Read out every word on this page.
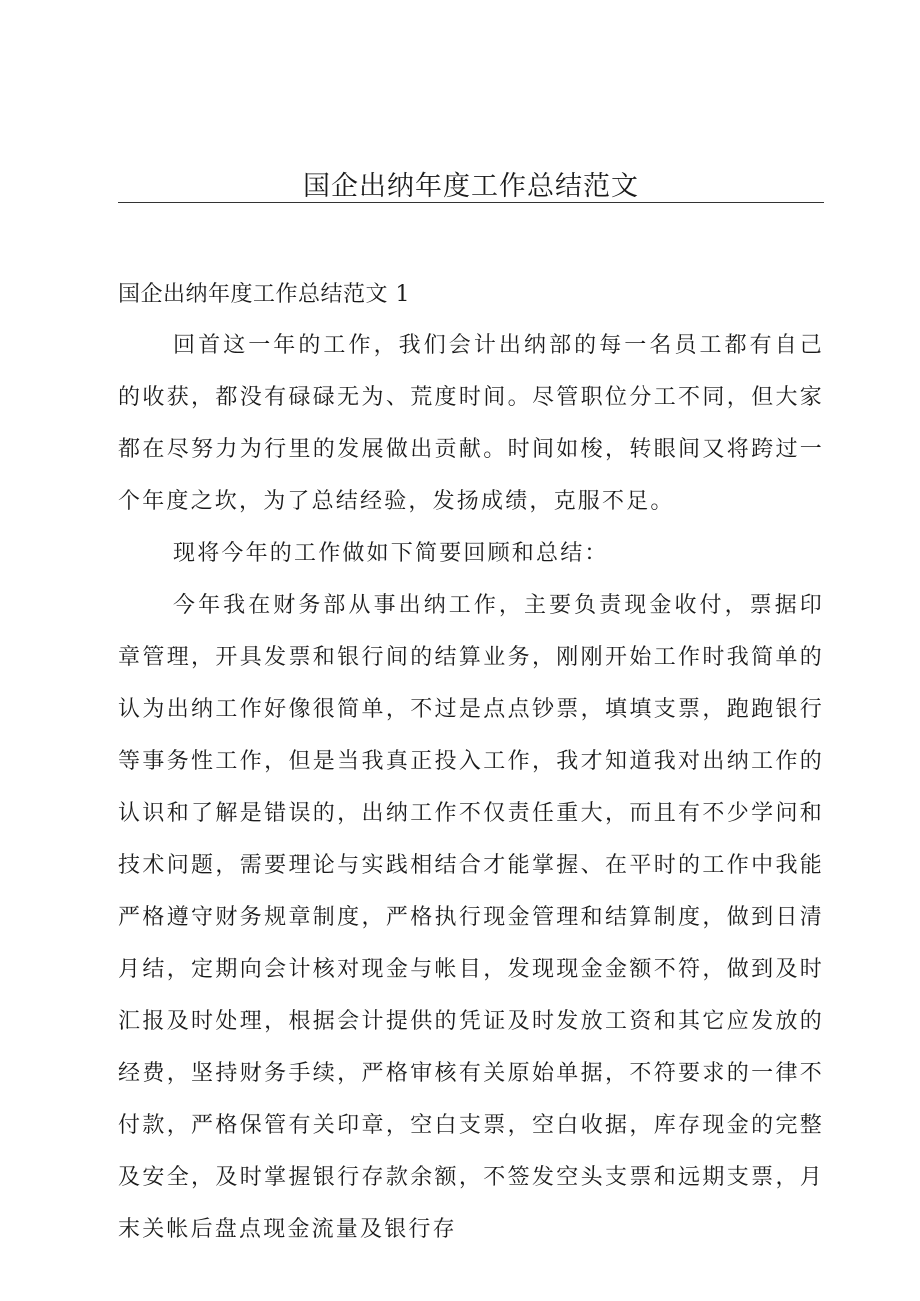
国企出纳年度工作总结范文
国企出纳年度工作总结范文 1

回首这一年的工作，我们会计出纳部的每一名员工都有自己的收获，都没有碌碌无为、荒度时间。尽管职位分工不同，但大家都在尽努力为行里的发展做出贡献。时间如梭，转眼间又将跨过一个年度之坎，为了总结经验，发扬成绩，克服不足。

现将今年的工作做如下简要回顾和总结：

今年我在财务部从事出纳工作，主要负责现金收付，票据印章管理，开具发票和银行间的结算业务，刚刚开始工作时我简单的认为出纳工作好像很简单，不过是点点钞票，填填支票，跑跑银行等事务性工作，但是当我真正投入工作，我才知道我对出纳工作的认识和了解是错误的，出纳工作不仅责任重大，而且有不少学问和技术问题，需要理论与实践相结合才能掌握、在平时的工作中我能严格遵守财务规章制度，严格执行现金管理和结算制度，做到日清月结，定期向会计核对现金与帐目，发现现金金额不符，做到及时汇报及时处理，根据会计提供的凭证及时发放工资和其它应发放的经费，坚持财务手续，严格审核有关原始单据，不符要求的一律不付款，严格保管有关印章，空白支票，空白收据，库存现金的完整及安全，及时掌握银行存款余额，不签发空头支票和远期支票，月末关帐后盘点现金流量及银行存
